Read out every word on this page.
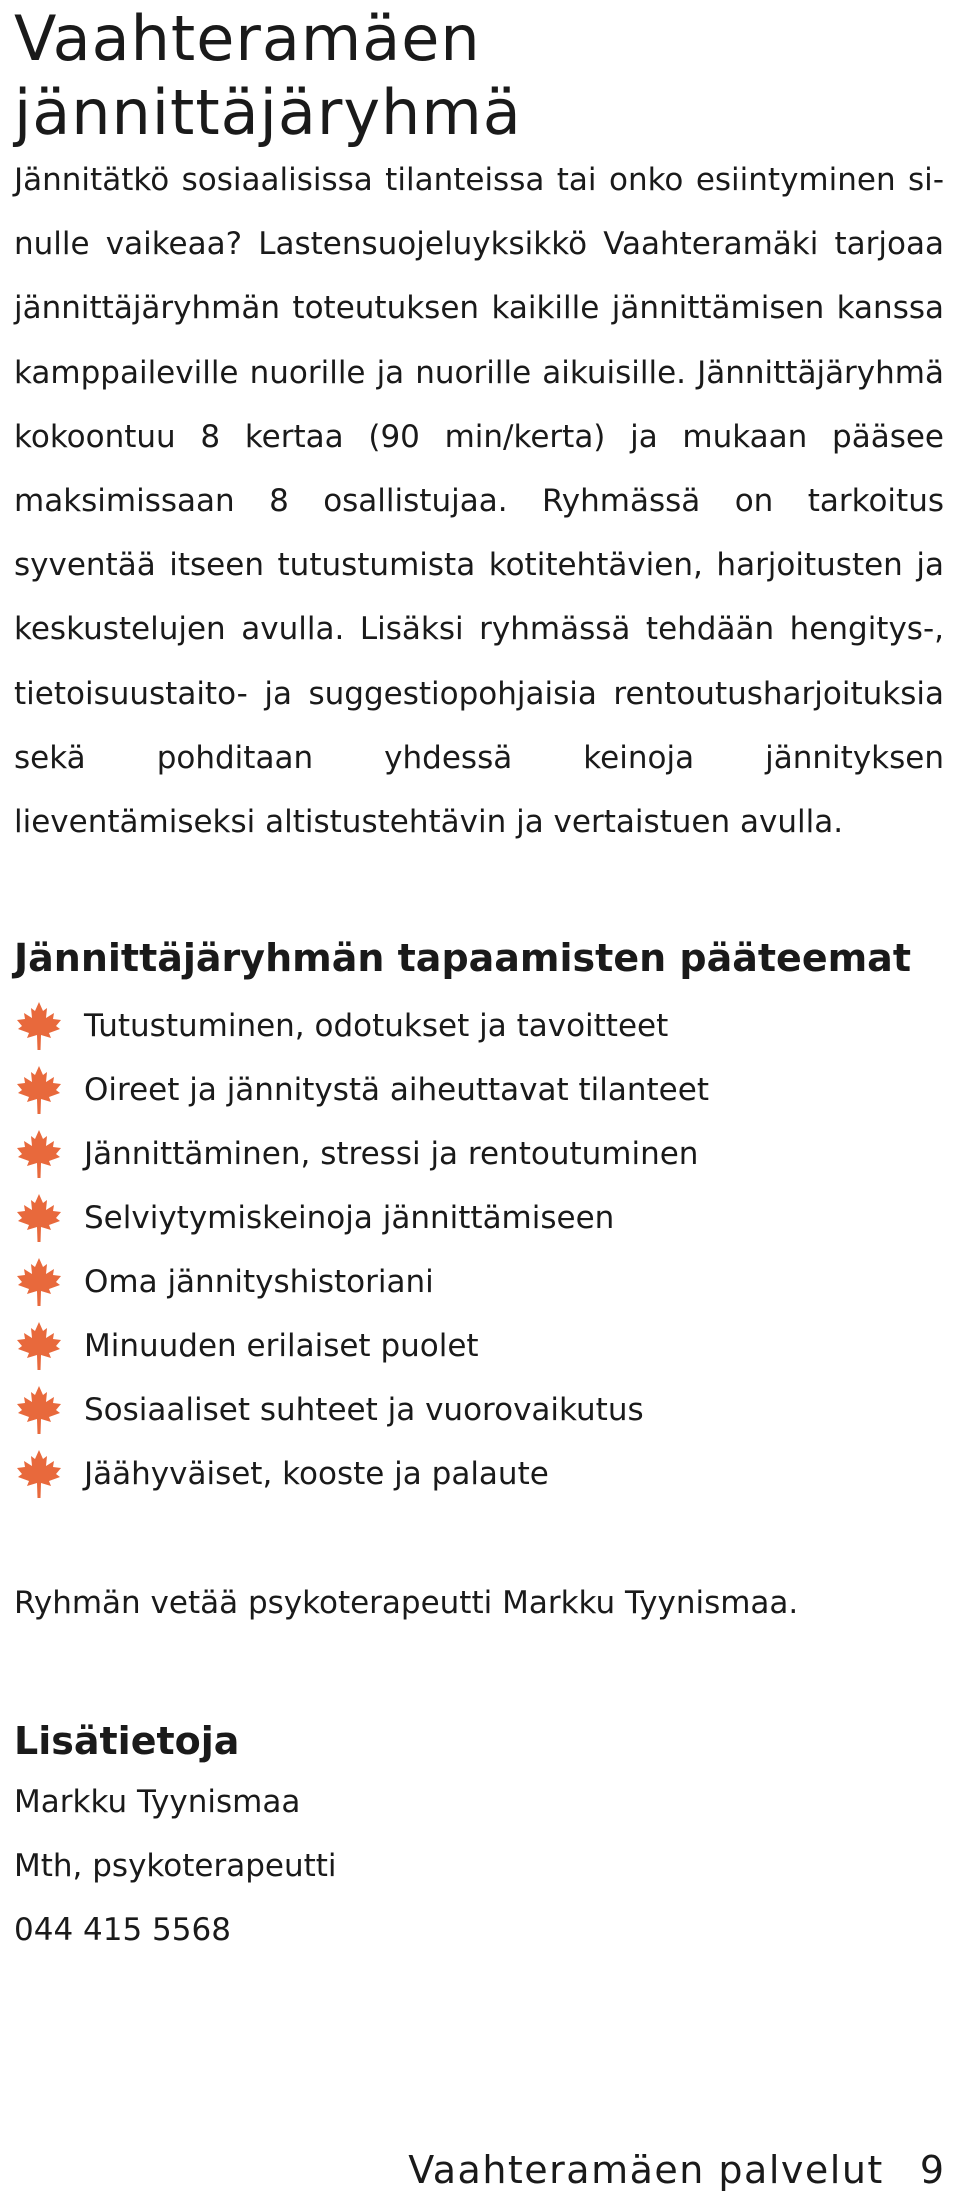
Vaahteramäen jännittäjäryhmä

Jännitätkö sosiaalisissa tilanteissa tai onko esiintyminen sinulle vaikeaa? Lastensuojeluyksikkö Vaahteramäki tarjoaa jännittäjäryhmän toteutuksen kaikille jännittämisen kanssa kamppaileville nuorille ja nuorille aikuisille. Jännittäjäryhmä kokoontuu 8 kertaa (90 min/kerta) ja mukaan pääsee maksimissaan 8 osallistujaa. Ryhmässä on tarkoitus syventää itseen tutustumista kotitehtävien, harjoitusten ja keskustelujen avulla. Lisäksi ryhmässä tehdään hengitys-, tietoisuustaito- ja suggestiopohjaisia rentoutusharjoituksia sekä pohditaan yhdessä keinoja jännityksen lieventämiseksi altistustehtävin ja vertaistuen avulla.

Jännittäjäryhmän tapaamisten pääteemat
Tutustuminen, odotukset ja tavoitteet
Oireet ja jännitystä aiheuttavat tilanteet
Jännittäminen, stressi ja rentoutuminen
Selviytymiskeinoja jännittämiseen
Oma jännityshistoriani
Minuuden erilaiset puolet
Sosiaaliset suhteet ja vuorovaikutus
Jäähyväiset, kooste ja palaute

Ryhmän vetää psykoterapeutti Markku Tyynismaa.

Lisätietoja

Markku Tyynismaa

Mth, psykoterapeutti

044 415 5568

Vaahteramäen palvelut 9
